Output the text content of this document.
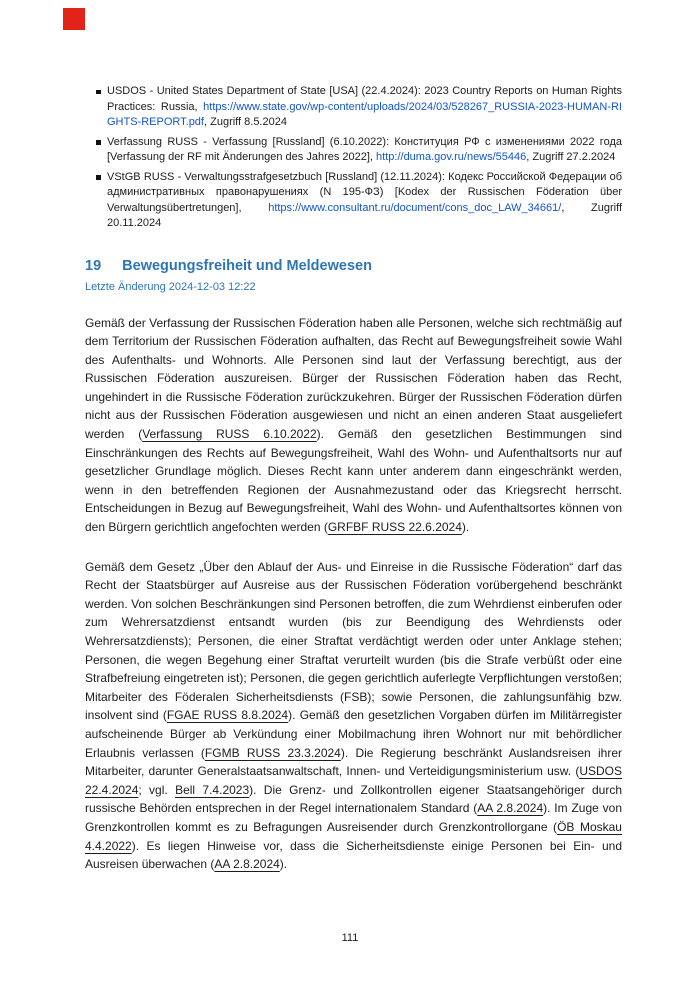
USDOS - United States Department of State [USA] (22.4.2024): 2023 Country Reports on Human Rights Practices: Russia, https://www.state.gov/wp-content/uploads/2024/03/528267_RUSSIA-2023-HUMAN-RIGHTS-REPORT.pdf, Zugriff 8.5.2024
Verfassung RUSS - Verfassung [Russland] (6.10.2022): Конституция РФ с изменениями 2022 года [Verfassung der RF mit Änderungen des Jahres 2022], http://duma.gov.ru/news/55446, Zugriff 27.2.2024
VStGB RUSS - Verwaltungsstrafgesetzbuch [Russland] (12.11.2024): Кодекс Российской Федерации об административных правонарушениях (N 195-ФЗ) [Kodex der Russischen Föderation über Verwaltungsübertretungen], https://www.consultant.ru/document/cons_doc_LAW_34661/, Zugriff 20.11.2024
19 Bewegungsfreiheit und Meldewesen
Letzte Änderung 2024-12-03 12:22

Gemäß der Verfassung der Russischen Föderation haben alle Personen, welche sich rechtmäßig auf dem Territorium der Russischen Föderation aufhalten, das Recht auf Bewegungsfreiheit sowie Wahl des Aufenthalts- und Wohnorts. Alle Personen sind laut der Verfassung berechtigt, aus der Russischen Föderation auszureisen. Bürger der Russischen Föderation haben das Recht, ungehindert in die Russische Föderation zurückzukehren. Bürger der Russischen Föderation dürfen nicht aus der Russischen Föderation ausgewiesen und nicht an einen anderen Staat ausgeliefert werden (Verfassung RUSS 6.10.2022). Gemäß den gesetzlichen Bestimmungen sind Einschränkungen des Rechts auf Bewegungsfreiheit, Wahl des Wohn- und Aufenthaltsorts nur auf gesetzlicher Grundlage möglich. Dieses Recht kann unter anderem dann eingeschränkt werden, wenn in den betreffenden Regionen der Ausnahmezustand oder das Kriegsrecht herrscht. Entscheidungen in Bezug auf Bewegungsfreiheit, Wahl des Wohn- und Aufenthaltsortes können von den Bürgern gerichtlich angefochten werden (GRFBF RUSS 22.6.2024).

Gemäß dem Gesetz „Über den Ablauf der Aus- und Einreise in die Russische Föderation“ darf das Recht der Staatsbürger auf Ausreise aus der Russischen Föderation vorübergehend beschränkt werden. Von solchen Beschränkungen sind Personen betroffen, die zum Wehrdienst einberufen oder zum Wehrersatzdienst entsandt wurden (bis zur Beendigung des Wehrdiensts oder Wehrersatzdiensts); Personen, die einer Straftat verdächtigt werden oder unter Anklage stehen; Personen, die wegen Begehung einer Straftat verurteilt wurden (bis die Strafe verbüßt oder eine Strafbefreiung eingetreten ist); Personen, die gegen gerichtlich auferlegte Verpflichtungen verstoßen; Mitarbeiter des Föderalen Sicherheitsdiensts (FSB); sowie Personen, die zahlungsunfähig bzw. insolvent sind (FGAE RUSS 8.8.2024). Gemäß den gesetzlichen Vorgaben dürfen im Militärregister aufscheinende Bürger ab Verkündung einer Mobilmachung ihren Wohnort nur mit behördlicher Erlaubnis verlassen (FGMB RUSS 23.3.2024). Die Regierung beschränkt Auslandsreisen ihrer Mitarbeiter, darunter Generalstaatsanwaltschaft, Innen- und Verteidigungsministerium usw. (USDOS 22.4.2024; vgl. Bell 7.4.2023). Die Grenz- und Zollkontrollen eigener Staatsangehöriger durch russische Behörden entsprechen in der Regel internationalem Standard (AA 2.8.2024). Im Zuge von Grenzkontrollen kommt es zu Befragungen Ausreisender durch Grenzkontrollorgane (ÖB Moskau 4.4.2022). Es liegen Hinweise vor, dass die Sicherheitsdienste einige Personen bei Ein- und Ausreisen überwachen (AA 2.8.2024).

111
